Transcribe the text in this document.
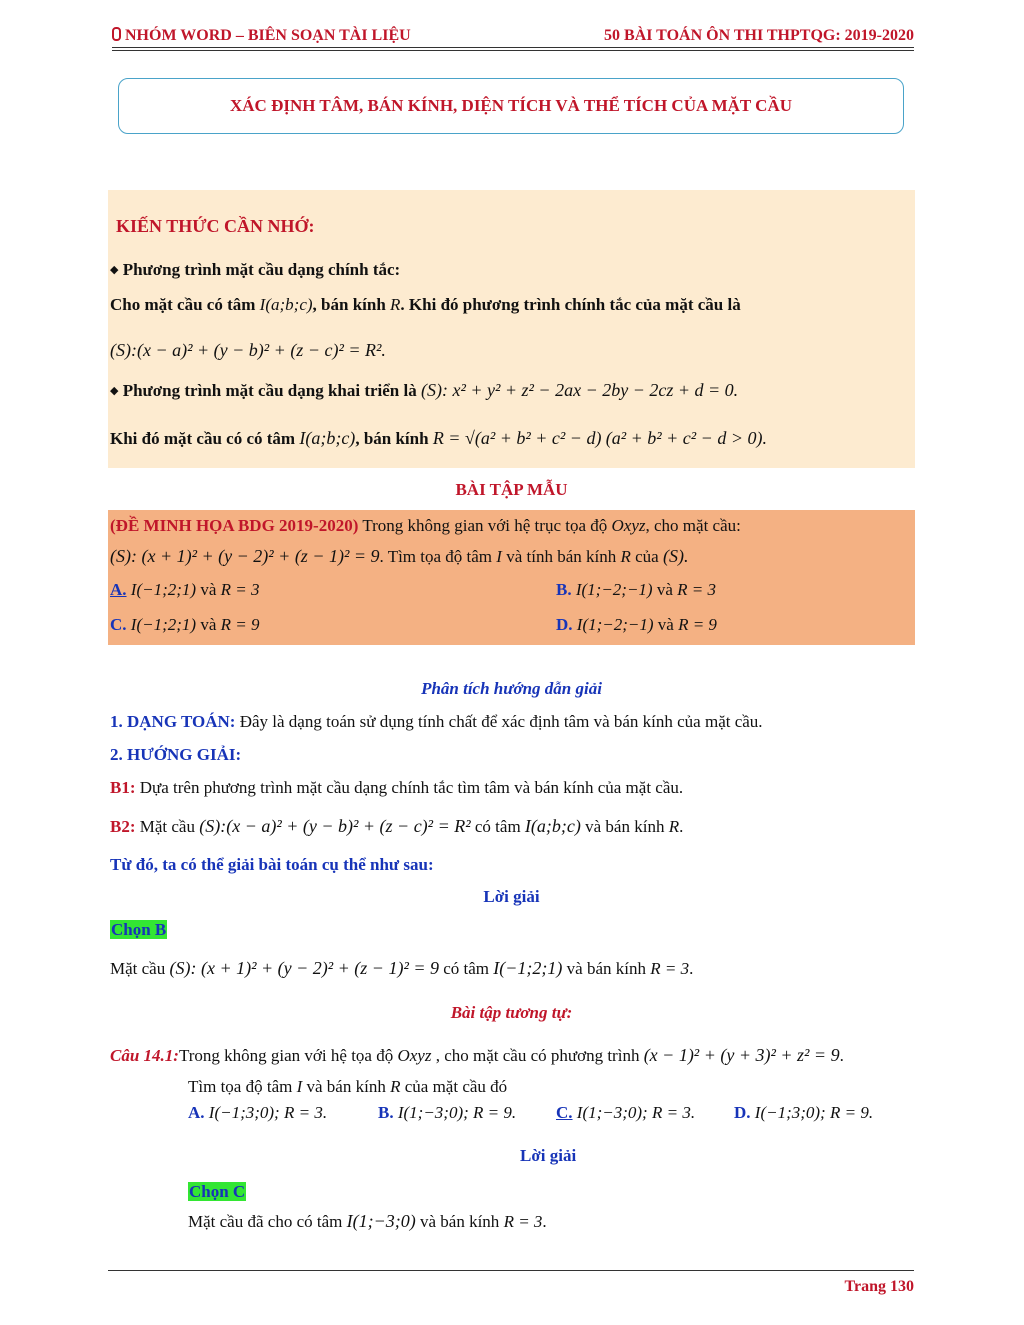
NHÓM WORD – BIÊN SOẠN TÀI LIỆU	50 BÀI TOÁN ÔN THI THPTQG: 2019-2020
XÁC ĐỊNH TÂM, BÁN KÍNH, DIỆN TÍCH VÀ THỂ TÍCH CỦA MẶT CẦU
KIẾN THỨC CẦN NHỚ:
◆ Phương trình mặt cầu dạng chính tắc:
Cho mặt cầu có tâm I(a;b;c), bán kính R. Khi đó phương trình chính tắc của mặt cầu là
(S):(x − a)² + (y − b)² + (z − c)² = R².
◆ Phương trình mặt cầu dạng khai triển là (S): x² + y² + z² − 2ax − 2by − 2cz + d = 0.
Khi đó mặt cầu có có tâm I(a;b;c), bán kính R = √(a² + b² + c² − d) (a² + b² + c² − d > 0).
BÀI TẬP MẪU
(ĐỀ MINH HỌA BDG 2019-2020) Trong không gian với hệ trục tọa độ Oxyz, cho mặt cầu:
(S): (x + 1)² + (y − 2)² + (z − 1)² = 9. Tìm tọa độ tâm I và tính bán kính R của (S).
A. I(−1;2;1) và R = 3	B. I(1;−2;−1) và R = 3
C. I(−1;2;1) và R = 9	D. I(1;−2;−1) và R = 9
Phân tích hướng dẫn giải
1. DẠNG TOÁN: Đây là dạng toán sử dụng tính chất để xác định tâm và bán kính của mặt cầu.
2. HƯỚNG GIẢI:
B1: Dựa trên phương trình mặt cầu dạng chính tắc tìm tâm và bán kính của mặt cầu.
B2: Mặt cầu (S):(x − a)² + (y − b)² + (z − c)² = R² có tâm I(a;b;c) và bán kính R.
Từ đó, ta có thể giải bài toán cụ thể như sau:
Lời giải
Chọn B
Mặt cầu (S): (x + 1)² + (y − 2)² + (z − 1)² = 9 có tâm I(−1;2;1) và bán kính R = 3.
Bài tập tương tự:
Câu 14.1:Trong không gian với hệ tọa độ Oxyz , cho mặt cầu có phương trình (x − 1)² + (y + 3)² + z² = 9.
Tìm tọa độ tâm I và bán kính R của mặt cầu đó
A. I(−1;3;0); R = 3.	B. I(1;−3;0); R = 9. C. I(1;−3;0); R = 3. D. I(−1;3;0); R = 9.
Lời giải
Chọn C
Mặt cầu đã cho có tâm I(1;−3;0) và bán kính R = 3.
Trang 130
